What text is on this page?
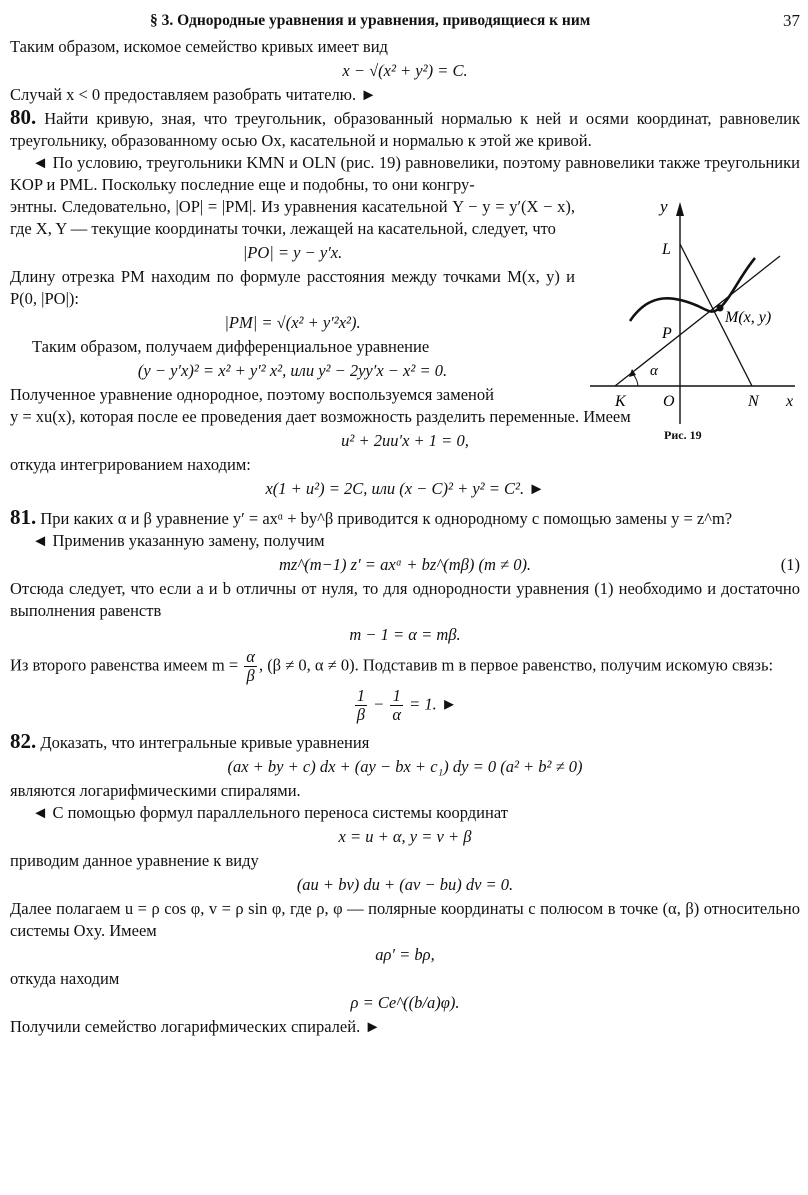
§ 3. Однородные уравнения и уравнения, приводящиеся к ним	37

Таким образом, искомое семейство кривых имеет вид

x − √(x² + y²) = C.

Случай x < 0 предоставляем разобрать читателю. ►

80. Найти кривую, зная, что треугольник, образованный нормалью к ней и осями координат, равновелик треугольнику, образованному осью Ox, касательной и нормалью к этой же кривой.

◄ По условию, треугольники KMN и OLN (рис. 19) равновелики, поэтому равновелики также треугольники KOP и PML. Поскольку последние еще и подобны, то они конгру-

энтны. Следовательно, |OP| = |PM|. Из уравнения касательной Y − y = y′(X − x), где X, Y — текущие координаты точки, лежащей на касательной, следует, что

|PO| = y − y′x.

Длину отрезка PM находим по формуле расстояния между точками M(x, y) и P(0, |PO|):

|PM| = √(x² + y′²x²).

Таким образом, получаем дифференциальное уравнение

(y − y′x)² = x² + y′² x², или y² − 2yy′x − x² = 0.

Полученное уравнение однородное, поэтому воспользуемся заменой

y
L
P
M(x, y)
α
K O	N x
Рис. 19

y = xu(x), которая после ее проведения дает возможность разделить переменные. Имеем

u² + 2uu′x + 1 = 0,

откуда интегрированием находим:

x(1 + u²) = 2C, или (x − C)² + y² = C². ►

81. При каких α и β уравнение y′ = axᵅ + by^β приводится к однородному с помощью замены y = z^m?

◄ Применив указанную замену, получим

mz^(m−1) z′ = axᵅ + bz^(mβ) (m ≠ 0).	(1)

Отсюда следует, что если a и b отличны от нуля, то для однородности уравнения (1) необходимо и достаточно выполнения равенств

m − 1 = α = mβ.

Из второго равенства имеем $m = \frac{\alpha}{\beta}$ , (β ≠ 0, α ≠ 0). Подставив m в первое равенство, получим искомую связь:

$\frac{1}{\beta} - \frac{1}{\alpha} = 1$. ►

82. Доказать, что интегральные кривые уравнения

(ax + by + c) dx + (ay − bx + c₁) dy = 0 (a² + b² ≠ 0)

являются логарифмическими спиралями.

◄ С помощью формул параллельного переноса системы координат

x = u + α, y = v + β

приводим данное уравнение к виду

(au + bv) du + (av − bu) dv = 0.

Далее полагаем u = ρ cos φ, v = ρ sin φ, где ρ, φ — полярные координаты с полюсом в точке (α, β) относительно системы Oxy. Имеем

aρ′ = bρ,

откуда находим

ρ = Ce^((b/a)φ).

Получили семейство логарифмических спиралей. ►
